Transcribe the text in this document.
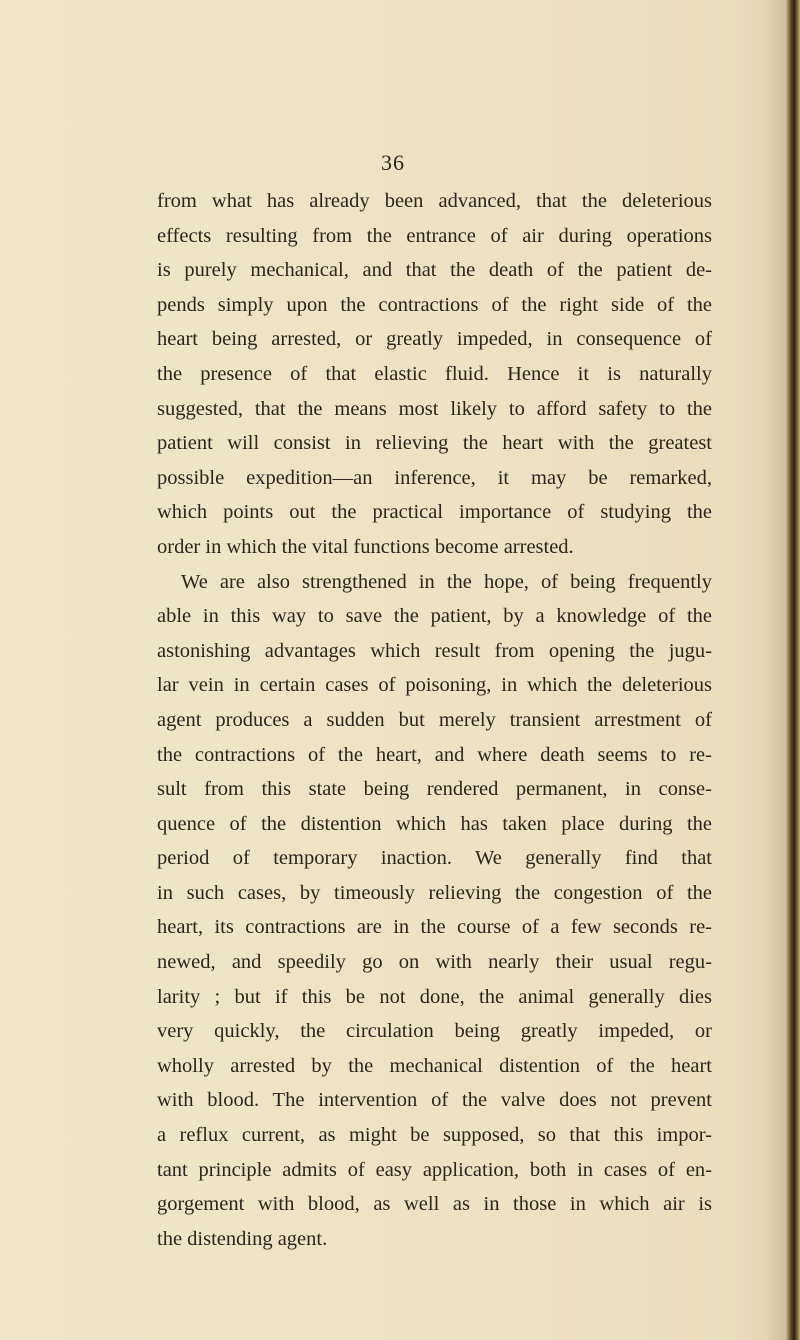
36
from what has already been advanced, that the deleterious
effects resulting from the entrance of air during operations
is purely mechanical, and that the death of the patient de-
pends simply upon the contractions of the right side of the
heart being arrested, or greatly impeded, in consequence of
the presence of that elastic fluid. Hence it is naturally
suggested, that the means most likely to afford safety to the
patient will consist in relieving the heart with the greatest
possible expedition—an inference, it may be remarked,
which points out the practical importance of studying the
order in which the vital functions become arrested.
We are also strengthened in the hope, of being frequently
able in this way to save the patient, by a knowledge of the
astonishing advantages which result from opening the jugu-
lar vein in certain cases of poisoning, in which the deleterious
agent produces a sudden but merely transient arrestment of
the contractions of the heart, and where death seems to re-
sult from this state being rendered permanent, in conse-
quence of the distention which has taken place during the
period of temporary inaction. We generally find that
in such cases, by timeously relieving the congestion of the
heart, its contractions are in the course of a few seconds re-
newed, and speedily go on with nearly their usual regu-
larity ; but if this be not done, the animal generally dies
very quickly, the circulation being greatly impeded, or
wholly arrested by the mechanical distention of the heart
with blood. The intervention of the valve does not prevent
a reflux current, as might be supposed, so that this impor-
tant principle admits of easy application, both in cases of en-
gorgement with blood, as well as in those in which air is
the distending agent.
